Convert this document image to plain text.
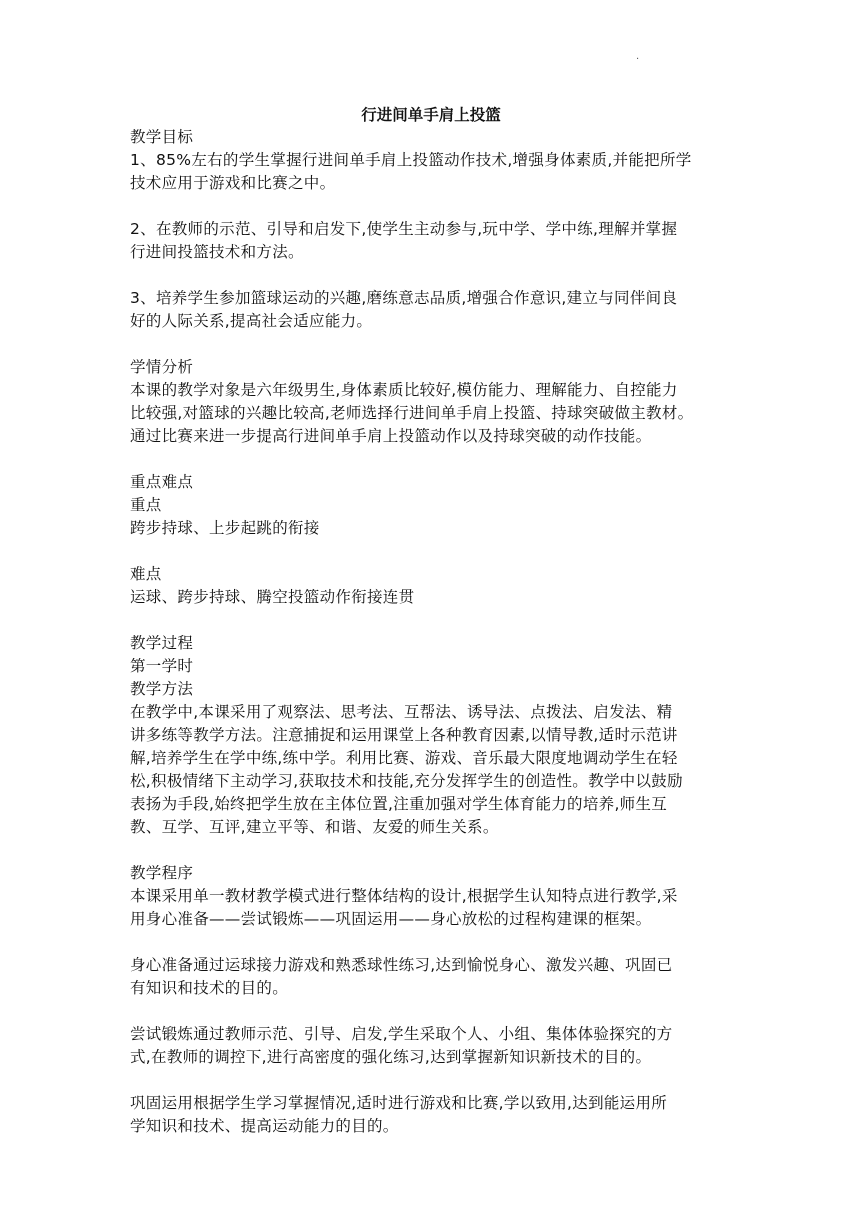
.
行进间单手肩上投篮
教学目标
1、85%左右的学生掌握行进间单手肩上投篮动作技术,增强身体素质,并能把所学
技术应用于游戏和比赛之中。
2、在教师的示范、引导和启发下,使学生主动参与,玩中学、学中练,理解并掌握
行进间投篮技术和方法。
3、培养学生参加篮球运动的兴趣,磨练意志品质,增强合作意识,建立与同伴间良
好的人际关系,提高社会适应能力。
学情分析
本课的教学对象是六年级男生,身体素质比较好,模仿能力、理解能力、自控能力
比较强,对篮球的兴趣比较高,老师选择行进间单手肩上投篮、持球突破做主教材。
通过比赛来进一步提高行进间单手肩上投篮动作以及持球突破的动作技能。
重点难点
重点
跨步持球、上步起跳的衔接
难点
运球、跨步持球、腾空投篮动作衔接连贯
教学过程
第一学时
教学方法
在教学中,本课采用了观察法、思考法、互帮法、诱导法、点拨法、启发法、精
讲多练等教学方法。注意捕捉和运用课堂上各种教育因素,以情导教,适时示范讲
解,培养学生在学中练,练中学。利用比赛、游戏、音乐最大限度地调动学生在轻
松,积极情绪下主动学习,获取技术和技能,充分发挥学生的创造性。教学中以鼓励
表扬为手段,始终把学生放在主体位置,注重加强对学生体育能力的培养,师生互
教、互学、互评,建立平等、和谐、友爱的师生关系。
教学程序
本课采用单一教材教学模式进行整体结构的设计,根据学生认知特点进行教学,采
用身心准备——尝试锻炼——巩固运用——身心放松的过程构建课的框架。
身心准备通过运球接力游戏和熟悉球性练习,达到愉悦身心、激发兴趣、巩固已
有知识和技术的目的。
尝试锻炼通过教师示范、引导、启发,学生采取个人、小组、集体体验探究的方
式,在教师的调控下,进行高密度的强化练习,达到掌握新知识新技术的目的。
巩固运用根据学生学习掌握情况,适时进行游戏和比赛,学以致用,达到能运用所
学知识和技术、提高运动能力的目的。
